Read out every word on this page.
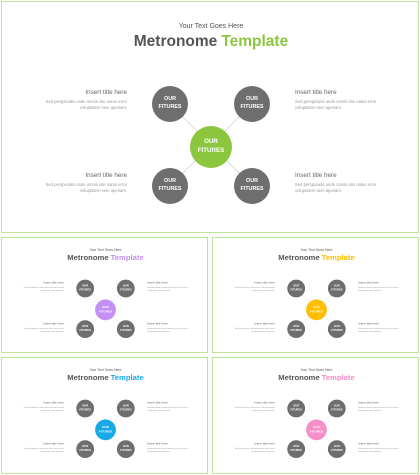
Your Text Goes Here
Metronome Template
OUR
FITURES
OUR
FITURES
OUR
FITURES
OUR
FITURES
OUR
FITURES
Insert title here
Sed perspiciatis unde omnis iste natus error
voluptatem sem aperiam.
Insert title here
Sed perspiciatis unde omnis iste natus error
voluptatem sem aperiam.
Insert title here
Sed perspiciatis unde omnis iste natus error
voluptatem sem aperiam.
Insert title here
Sed perspiciatis unde omnis iste natus error
voluptatem sem aperiam.
Your Text Goes Here
Metronome Template
OUR
FITURES
OUR
FITURES
OUR
FITURES
OUR
FITURES
OUR
FITURES
Insert title here
Sed perspiciatis unde omnis iste natus error
voluptatem sem aperiam.
Insert title here
Sed perspiciatis unde omnis iste natus error
voluptatem sem aperiam.
Insert title here
Sed perspiciatis unde omnis iste natus error
voluptatem sem aperiam.
Insert title here
Sed perspiciatis unde omnis iste natus error
voluptatem sem aperiam.
Your Text Goes Here
Metronome Template
OUR
FITURES
OUR
FITURES
OUR
FITURES
OUR
FITURES
OUR
FITURES
Insert title here
Sed perspiciatis unde omnis iste natus error
voluptatem sem aperiam.
Insert title here
Sed perspiciatis unde omnis iste natus error
voluptatem sem aperiam.
Insert title here
Sed perspiciatis unde omnis iste natus error
voluptatem sem aperiam.
Insert title here
Sed perspiciatis unde omnis iste natus error
voluptatem sem aperiam.
Your Text Goes Here
Metronome Template
OUR
FITURES
OUR
FITURES
OUR
FITURES
OUR
FITURES
OUR
FITURES
Insert title here
Sed perspiciatis unde omnis iste natus error
voluptatem sem aperiam.
Insert title here
Sed perspiciatis unde omnis iste natus error
voluptatem sem aperiam.
Insert title here
Sed perspiciatis unde omnis iste natus error
voluptatem sem aperiam.
Insert title here
Sed perspiciatis unde omnis iste natus error
voluptatem sem aperiam.
Your Text Goes Here
Metronome Template
OUR
FITURES
OUR
FITURES
OUR
FITURES
OUR
FITURES
OUR
FITURES
Insert title here
Sed perspiciatis unde omnis iste natus error
voluptatem sem aperiam.
Insert title here
Sed perspiciatis unde omnis iste natus error
voluptatem sem aperiam.
Insert title here
Sed perspiciatis unde omnis iste natus error
voluptatem sem aperiam.
Insert title here
Sed perspiciatis unde omnis iste natus error
voluptatem sem aperiam.
